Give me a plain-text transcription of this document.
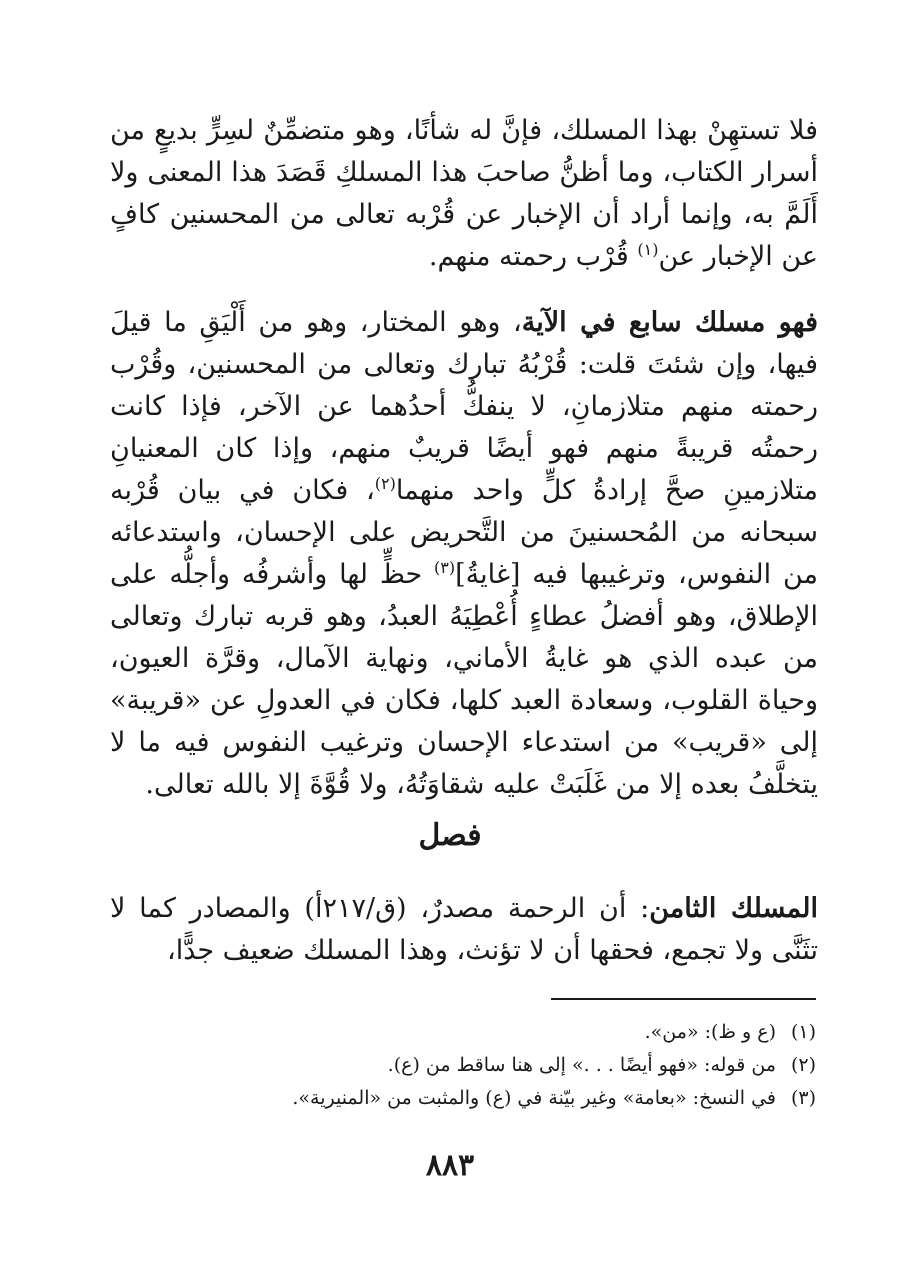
فلا تستهِنْ بهذا المسلك، فإنَّ له شأنًا، وهو متضمِّنٌ لسِرٍّ بديعٍ من أسرار الكتاب، وما أظنُّ صاحبَ هذا المسلكِ قَصَدَ هذا المعنى ولا أَلَمَّ به، وإنما أراد أن الإخبار عن قُرْبه تعالى من المحسنين كافٍ عن الإخبار عن$^{(١)}$ قُرْب رحمته منهم.

فهو مسلك سابع في الآية، وهو المختار، وهو من أَلْيَقِ ما قيلَ فيها، وإن شئتَ قلت: قُرْبُهُ تبارك وتعالى من المحسنين، وقُرْب رحمته منهم متلازمانِ، لا ينفكُّ أحدُهما عن الآخر، فإذا كانت رحمتُه قريبةً منهم فهو أيضًا قريبٌ منهم، وإذا كان المعنيانِ متلازمينِ صحَّ إرادةُ كلٍّ واحد منهما$^{(٢)}$، فكان في بيان قُرْبه سبحانه من المُحسنينَ من التَّحريض على الإحسان، واستدعائه من النفوس، وترغيبها فيه [غايةُ]$^{(٣)}$ حظٍّ لها وأشرفُه وأجلُّه على الإطلاق، وهو أفضلُ عطاءٍ أُعْطِيَهُ العبدُ، وهو قربه تبارك وتعالى من عبده الذي هو غايةُ الأماني، ونهاية الآمال، وقرَّة العيون، وحياة القلوب، وسعادة العبد كلها، فكان في العدولِ عن «قريبة» إلى «قريب» من استدعاء الإحسان وترغيب النفوس فيه ما لا يتخلَّفُ بعده إلا من غَلَبَتْ عليه شقاوَتُهُ، ولا قُوَّةَ إلا بالله تعالى.

فصل

المسلك الثامن: أن الرحمة مصدرٌ، (ق/٢١٧أ) والمصادر كما لا تثَنَّى ولا تجمع، فحقها أن لا تؤنث، وهذا المسلك ضعيف جدًّا،

(١)
(ع و ظ): «من».
(٢)
من قوله: «فهو أيضًا . . .» إلى هنا ساقط من (ع).
(٣)
في النسخ: «بعامة» وغير بيّنة في (ع) والمثبت من «المنيرية».
٨٨٣
